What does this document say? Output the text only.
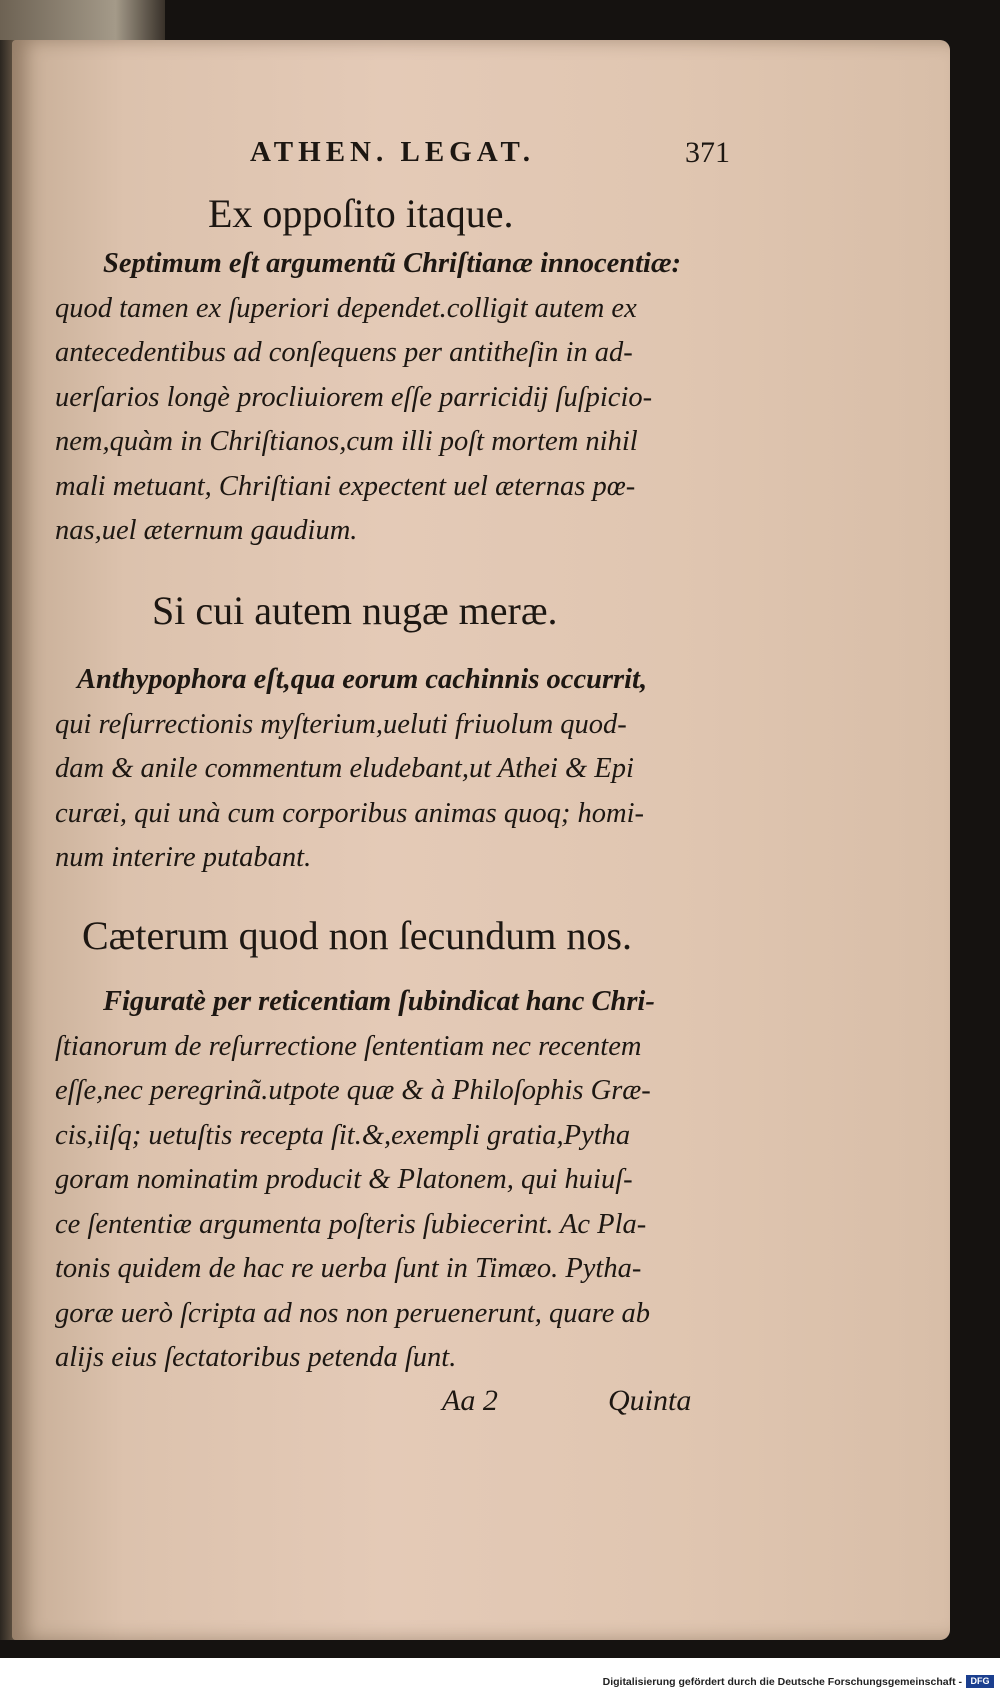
ATHEN. LEGAT.	371
Ex oppoſito itaque.

Septimum eſt argumentũ Chriſtianæ innocentiæ:
quod tamen ex ſuperiori dependet.colligit autem ex
antecedentibus ad conſequens per antitheſin in ad-
uerſarios longè procliuiorem eſſe parricidij ſuſpicio-
nem,quàm in Chriſtianos,cum illi poſt mortem nihil
mali metuant, Chriſtiani expectent uel æternas pœ-
nas,uel æternum gaudium.

Si cui autem nugæ meræ.

Anthypophora eſt,qua eorum cachinnis occurrit,
qui reſurrectionis myſterium,ueluti friuolum quod-
dam & anile commentum eludebant,ut Athei & Epi
curæi, qui unà cum corporibus animas quoq; homi-
num interire putabant.

Cæterum quod non ſecundum nos.

Figuratè per reticentiam ſubindicat hanc Chri-
ſtianorum de reſurrectione ſententiam nec recentem
eſſe,nec peregrinã.utpote quæ & à Philoſophis Græ-
cis,iiſq; uetuſtis recepta ſit.&,exempli gratia,Pytha
goram nominatim producit & Platonem, qui huiuſ-
ce ſententiæ argumenta poſteris ſubiecerint. Ac Pla-
tonis quidem de hac re uerba ſunt in Timæo. Pytha-
goræ uerò ſcripta ad nos non peruenerunt, quare ab
alijs eius ſectatoribus petenda ſunt.

Aa 2	Quinta
Digitalisierung gefördert durch die Deutsche Forschungsgemeinschaft - DFG
